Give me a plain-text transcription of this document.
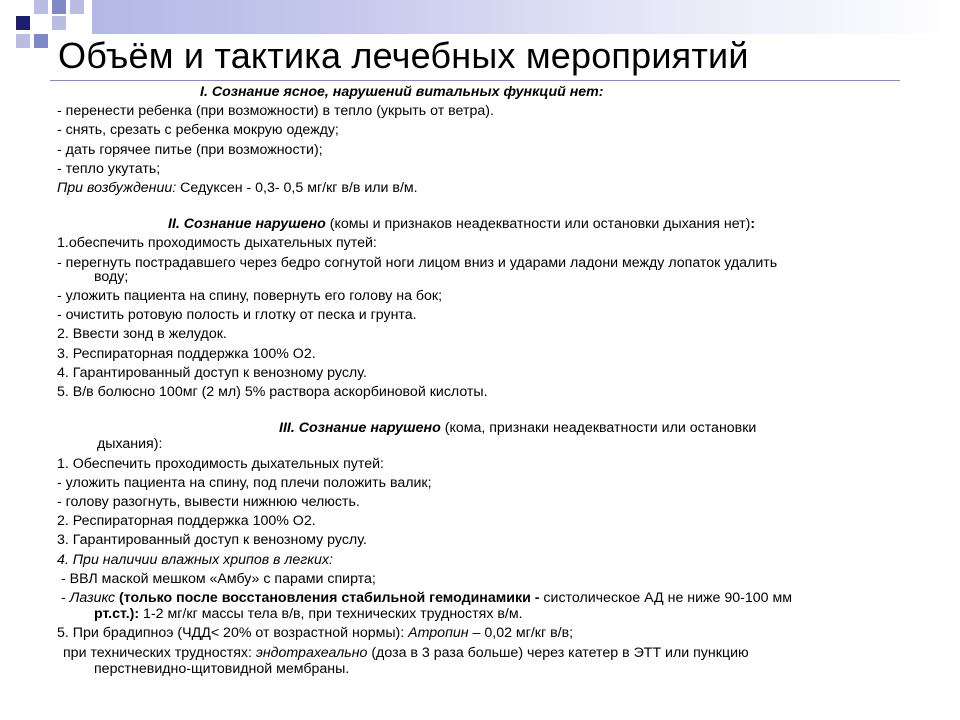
Объём и тактика лечебных мероприятий
I. Сознание ясное, нарушений витальных функций нет:
- перенести ребенка (при возможности) в тепло (укрыть от ветра).
- снять, срезать с ребенка мокрую одежду;
- дать горячее питье (при возможности);
- тепло укутать;
При возбуждении: Седуксен - 0,3- 0,5 мг/кг в/в или в/м.
II. Сознание нарушено (комы и признаков неадекватности или остановки дыхания нет):
1.обеспечить проходимость дыхательных путей:
- перегнуть пострадавшего через бедро согнутой ноги лицом вниз и ударами ладони между лопаток удалить
воду;
- уложить пациента на спину, повернуть его голову на бок;
- очистить ротовую полость и глотку от песка и грунта.
2. Ввести зонд в желудок.
3. Респираторная поддержка 100% О2.
4. Гарантированный доступ к венозному руслу.
5. В/в болюсно 100мг (2 мл) 5% раствора аскорбиновой кислоты.
III. Сознание нарушено (кома, признаки неадекватности или остановки
дыхания):
1. Обеспечить проходимость дыхательных путей:
- уложить пациента на спину, под плечи положить валик;
- голову разогнуть, вывести нижнюю челюсть.
2. Респираторная поддержка 100% О2.
3. Гарантированный доступ к венозному руслу.
4. При наличии влажных хрипов в легких:
- ВВЛ маской мешком «Амбу» с парами спирта;
- Лазикс (только после восстановления стабильной гемодинамики - систолическое АД не ниже 90-100 мм
рт.ст.): 1-2 мг/кг массы тела в/в, при технических трудностях в/м.
5. При брадипноэ (ЧДД< 20% от возрастной нормы): Атропин – 0,02 мг/кг в/в;
при технических трудностях: эндотрахеально (доза в 3 раза больше) через катетер в ЭТТ или пункцию
перстневидно-щитовидной мембраны.
